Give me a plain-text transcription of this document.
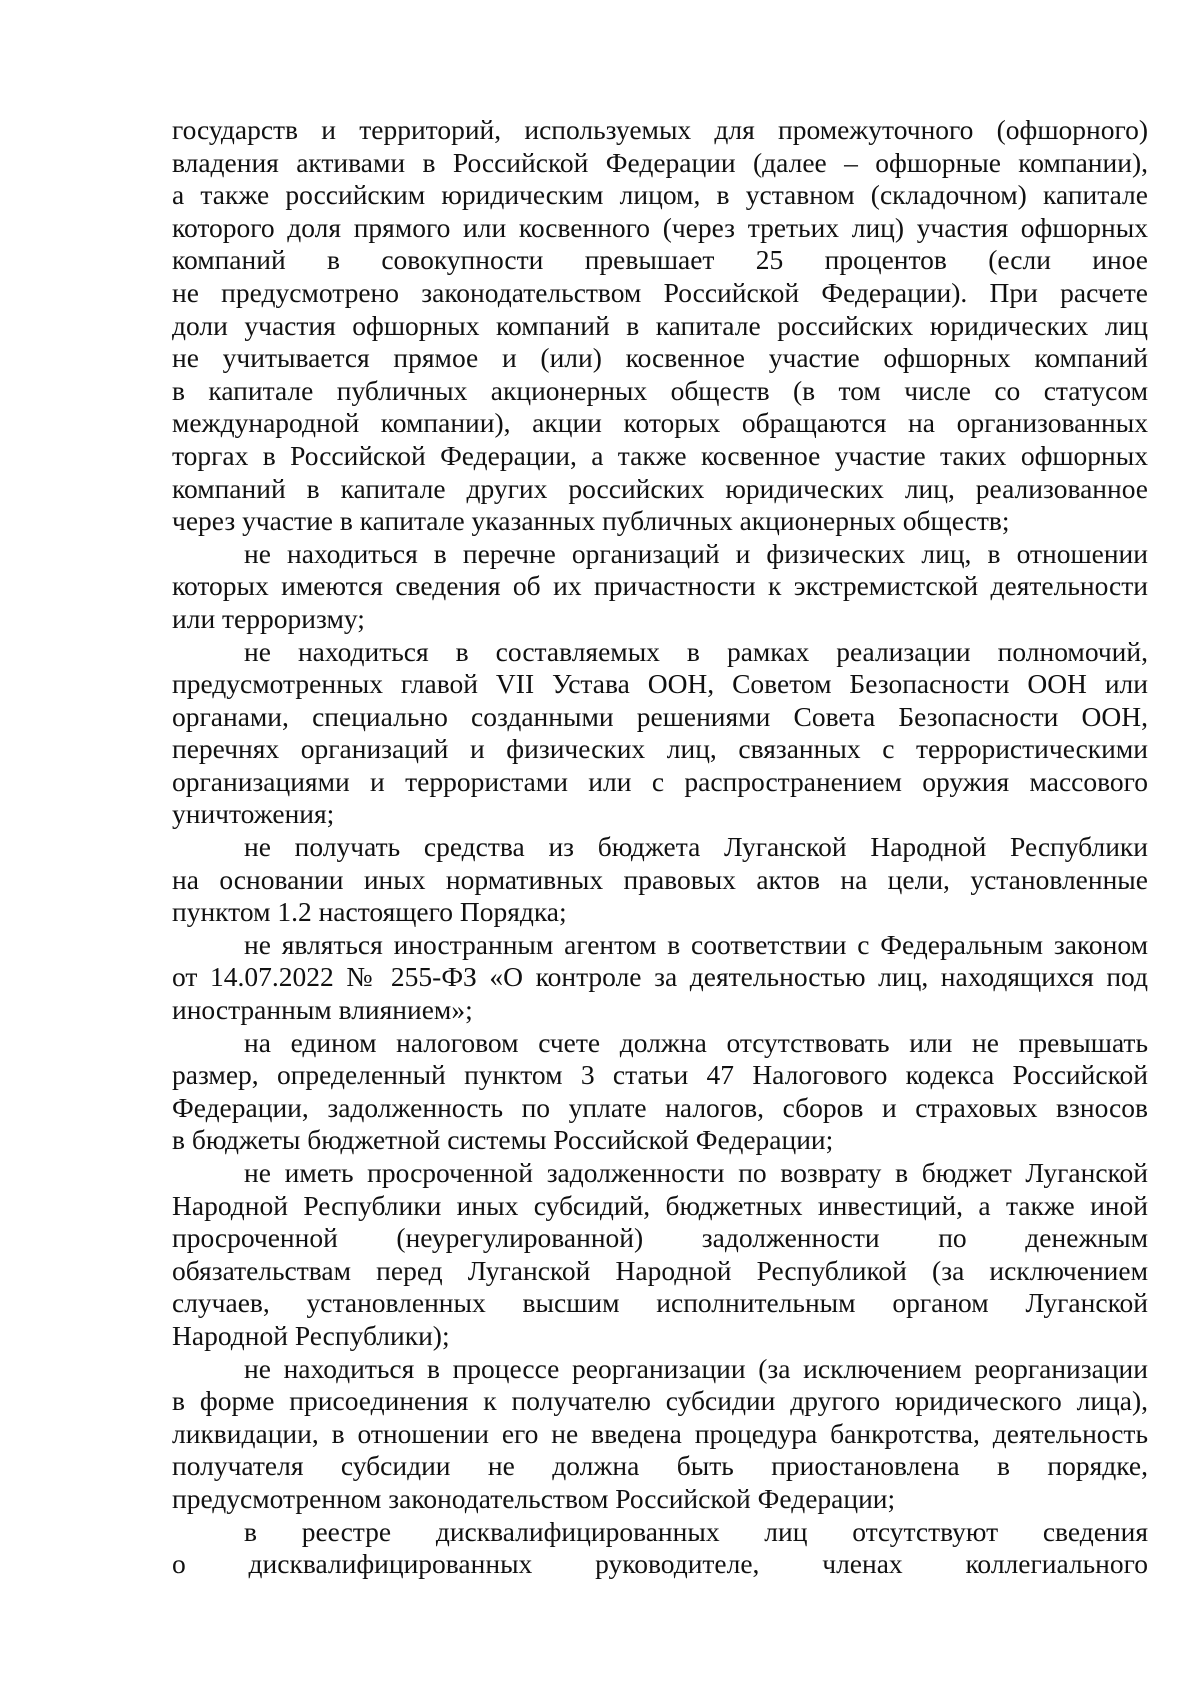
государств и территорий, используемых для промежуточного (офшорного)
владения активами в Российской Федерации (далее – офшорные компании),
а также российским юридическим лицом, в уставном (складочном) капитале
которого доля прямого или косвенного (через третьих лиц) участия офшорных
компаний в совокупности превышает 25 процентов (если иное
не предусмотрено законодательством Российской Федерации). При расчете
доли участия офшорных компаний в капитале российских юридических лиц
не учитывается прямое и (или) косвенное участие офшорных компаний
в капитале публичных акционерных обществ (в том числе со статусом
международной компании), акции которых обращаются на организованных
торгах в Российской Федерации, а также косвенное участие таких офшорных
компаний в капитале других российских юридических лиц, реализованное
через участие в капитале указанных публичных акционерных обществ;
не находиться в перечне организаций и физических лиц, в отношении
которых имеются сведения об их причастности к экстремистской деятельности
или терроризму;
не находиться в составляемых в рамках реализации полномочий,
предусмотренных главой VII Устава ООН, Советом Безопасности ООН или
органами, специально созданными решениями Совета Безопасности ООН,
перечнях организаций и физических лиц, связанных с террористическими
организациями и террористами или с распространением оружия массового
уничтожения;
не получать средства из бюджета Луганской Народной Республики
на основании иных нормативных правовых актов на цели, установленные
пунктом 1.2 настоящего Порядка;
не являться иностранным агентом в соответствии с Федеральным законом
от 14.07.2022 № 255-ФЗ «О контроле за деятельностью лиц, находящихся под
иностранным влиянием»;
на едином налоговом счете должна отсутствовать или не превышать
размер, определенный пунктом 3 статьи 47 Налогового кодекса Российской
Федерации, задолженность по уплате налогов, сборов и страховых взносов
в бюджеты бюджетной системы Российской Федерации;
не иметь просроченной задолженности по возврату в бюджет Луганской
Народной Республики иных субсидий, бюджетных инвестиций, а также иной
просроченной (неурегулированной) задолженности по денежным
обязательствам перед Луганской Народной Республикой (за исключением
случаев, установленных высшим исполнительным органом Луганской
Народной Республики);
не находиться в процессе реорганизации (за исключением реорганизации
в форме присоединения к получателю субсидии другого юридического лица),
ликвидации, в отношении его не введена процедура банкротства, деятельность
получателя субсидии не должна быть приостановлена в порядке,
предусмотренном законодательством Российской Федерации;
в реестре дисквалифицированных лиц отсутствуют сведения
о дисквалифицированных руководителе, членах коллегиального
